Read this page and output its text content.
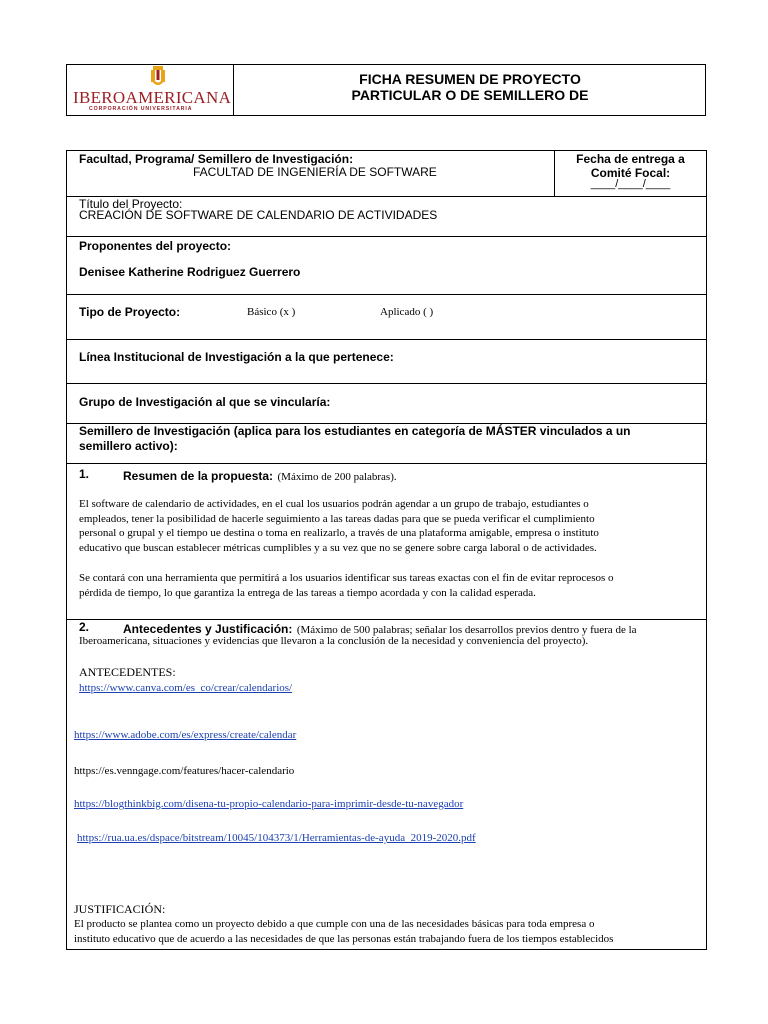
IBEROAMERICANA
CORPORACIÓN UNIVERSITARIA
FICHA RESUMEN DE PROYECTO
PARTICULAR O DE SEMILLERO DE
Facultad, Programa/ Semillero de Investigación:
FACULTAD DE INGENIERÍA DE SOFTWARE
Fecha de entrega a
Comité Focal:
____/____/____
Título del Proyecto:
CREACIÓN DE SOFTWARE DE CALENDARIO DE ACTIVIDADES
Proponentes del proyecto:
Denisee Katherine Rodriguez Guerrero
Tipo de Proyecto:	Básico (x )	Aplicado ( )
Línea Institucional de Investigación a la que pertenece:
Grupo de Investigación al que se vincularía:
Semillero de Investigación (aplica para los estudiantes en categoría de MÁSTER vinculados a un
semillero activo):
1.	Resumen de la propuesta: (Máximo de 200 palabras).
El software de calendario de actividades, en el cual los usuarios podrán agendar a un grupo de trabajo, estudiantes o
empleados, tener la posibilidad de hacerle seguimiento a las tareas dadas para que se pueda verificar el cumplimiento
personal o grupal y el tiempo ue destina o toma en realizarlo, a través de una plataforma amigable, empresa o instituto
educativo que buscan establecer métricas cumplibles y a su vez que no se genere sobre carga laboral o de actividades.
Se contará con una herramienta que permitirá a los usuarios identificar sus tareas exactas con el fin de evitar reprocesos o
pérdida de tiempo, lo que garantiza la entrega de las tareas a tiempo acordada y con la calidad esperada.
2.	Antecedentes y Justificación: (Máximo de 500 palabras; señalar los desarrollos previos dentro y fuera de la
Iberoamericana, situaciones y evidencias que llevaron a la conclusión de la necesidad y conveniencia del proyecto).
ANTECEDENTES:
https://www.canva.com/es_co/crear/calendarios/
https://www.adobe.com/es/express/create/calendar
https://es.venngage.com/features/hacer-calendario
https://blogthinkbig.com/disena-tu-propio-calendario-para-imprimir-desde-tu-navegador
https://rua.ua.es/dspace/bitstream/10045/104373/1/Herramientas-de-ayuda_2019-2020.pdf
JUSTIFICACIÓN:
El producto se plantea como un proyecto debido a que cumple con una de las necesidades básicas para toda empresa o
instituto educativo que de acuerdo a las necesidades de que las personas están trabajando fuera de los tiempos establecidos
